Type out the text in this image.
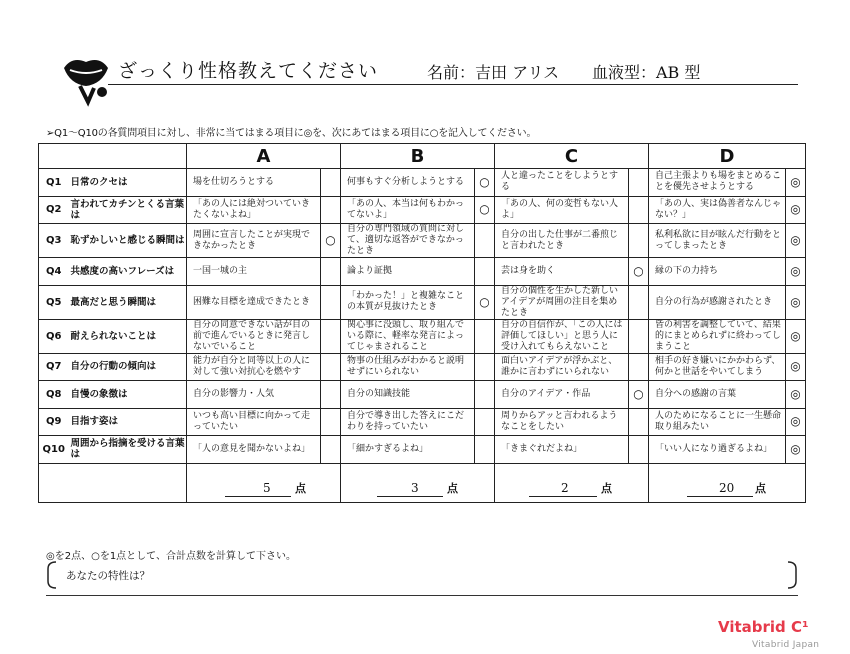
ざっくり性格教えてください	名前：吉田 アリス 血液型：AB 型
➢Q1～Q10の各質問項目に対し、非常に当てはまる項目に◎を、次にあてはまる項目に○を記入してください。
		A		B		C		D	
Q1	日常のクセは	場を仕切ろうとする		何事もすぐ分析しようとする	○	人と違ったことをしようとする		自己主張よりも場をまとめることを優先させようとする	◎
Q2	言われてカチンとくる言葉は	「あの人には絶対ついていきたくないよね」		「あの人、本当は何もわかってないよ」	○	「あの人、何の変哲もない人よ」		「あの人、実は偽善者なんじゃない？」	◎
Q3	恥ずかしいと感じる瞬間は	周囲に宣言したことが実現できなかったとき	○	自分の専門領域の質問に対して、適切な返答ができなかったとき		自分の出した仕事が二番煎じと言われたとき		私利私欲に目が眩んだ行動をとってしまったとき	◎
Q4	共感度の高いフレーズは	一国一城の主		論より証拠		芸は身を助く	○	縁の下の力持ち	◎
Q5	最高だと思う瞬間は	困難な目標を達成できたとき		「わかった！」と複雑なことの本質が見抜けたとき	○	自分の個性を生かした新しいアイデアが周囲の注目を集めたとき		自分の行為が感謝されたとき	◎
Q6	耐えられないことは	自分の同意できない話が目の前で進んでいるときに発言しないでいること		関心事に没頭し、取り組んでいる際に、軽率な発言によってじゃまされること		自分の自信作が、「この人には評価してほしい」と思う人に受け入れてもらえないこと		皆の利害を調整していて、結果的にまとめられずに終わってしまうこと	◎
Q7	自分の行動の傾向は	能力が自分と同等以上の人に対して強い対抗心を燃やす		物事の仕組みがわかると説明せずにいられない		面白いアイデアが浮かぶと、誰かに言わずにいられない		相手の好き嫌いにかかわらず、何かと世話をやいてしまう	◎
Q8	自慢の象徴は	自分の影響力・人気		自分の知識技能		自分のアイデア・作品	○	自分への感謝の言葉	◎
Q9	目指す姿は	いつも高い目標に向かって走っていたい		自分で導き出した答えにこだわりを持っていたい		周りからアッと言われるようなことをしたい		人のためになることに一生懸命取り組みたい	◎
Q10	周囲から指摘を受ける言葉は	「人の意見を聞かないよね」		「細かすぎるよね」		「きまぐれだよね」		「いい人になり過ぎるよね」	◎

		5 点		3 点		2 点		20 点	
◎を2点、○を1点として、合計点数を計算して下さい。
あなたの特性は？
Vitabrid C¹
Vitabrid Japan
